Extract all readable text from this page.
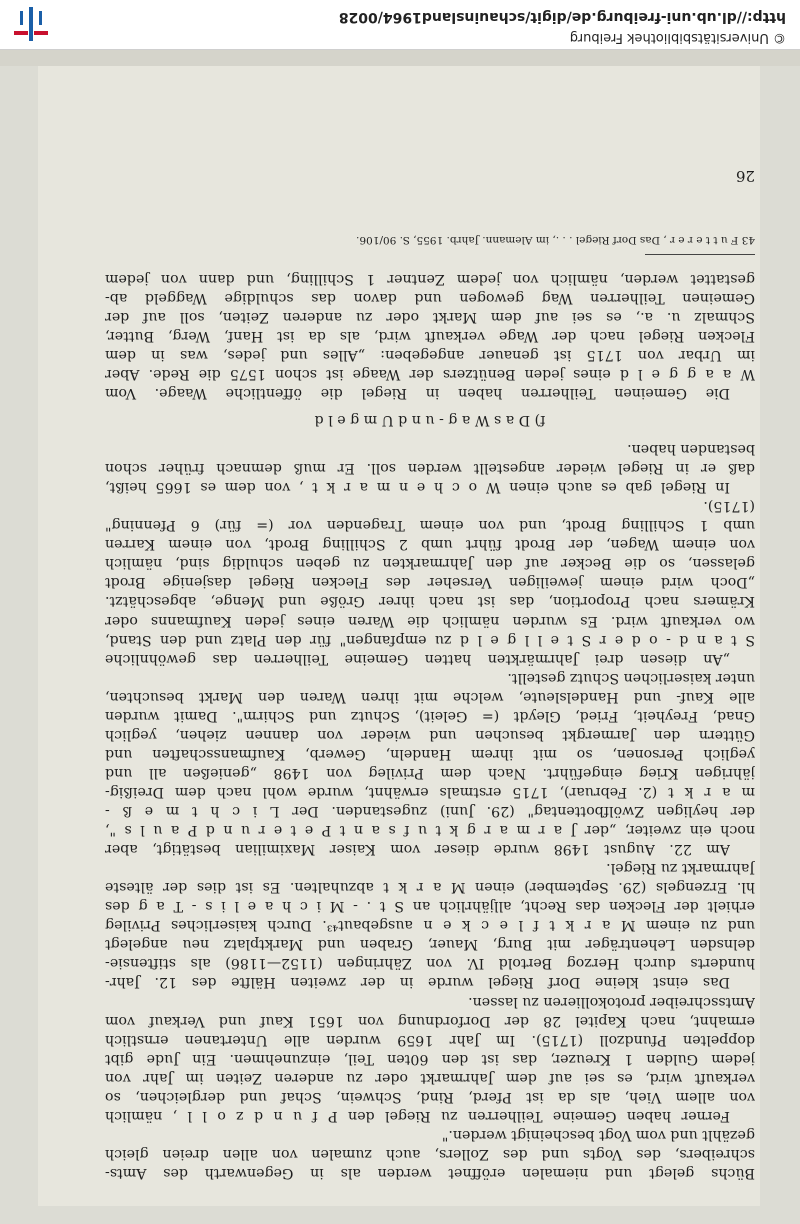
Büchs gelegt und niemalen eröffnet werden als in Gegenwarth des Amts-
schreibers, des Vogts und des Zollers, auch zumalen von allen dreien gleich
gezählt und vom Vogt bescheinigt werden."
Ferner haben Gemeine Teilherren zu Riegel den P f u n d z o l l , nämlich
von allem Vieh, als da ist Pferd, Rind, Schwein, Schaf und dergleichen, so
verkauft wird, es sei auf dem Jahrmarkt oder zu anderen Zeiten im Jahr von
jedem Gulden 1 Kreuzer, das ist den 60ten Teil, einzunehmen. Ein Jude gibt
doppelten Pfundzoll (1715). Im Jahr 1659 wurden alle Untertanen ernstlich
ermahnt, nach Kapitel 28 der Dorfordnung von 1651 Kauf und Verkauf vom
Amtsschreiber protokollieren zu lassen.
Das einst kleine Dorf Riegel wurde in der zweiten Hälfte des 12. Jahr-
hunderts durch Herzog Bertold IV. von Zähringen (1152—1186) als stiftensie-
delnsden Lehenträger mit Burg, Mauer, Graben und Marktplatz neu angelegt
und zu einem M a r k t f l e c k e n ausgebaut⁴³. Durch kaiserliches Privileg
erhielt der Flecken das Recht, alljährlich an S t . - M i c h a e l i s - T a g des
hl. Erzengels (29. September) einen M a r k t abzuhalten. Es ist dies der älteste
Jahrmarkt zu Riegel.
Am 22. August 1498 wurde dieser vom Kaiser Maximilian bestätigt, aber
noch ein zweiter, „der J a r m a r g k t u f s a n t P e t e r u n d P a u l s ",
der heyligen Zwölfbottentag" (29. Juni) zugestanden. Der L i c h t m e ß -
m a r k t (2. Februar), 1715 erstmals erwähnt, wurde wohl nach dem Dreißig-
jährigen Krieg eingeführt. Nach dem Privileg von 1498 „genießen all und
yeglich Personen, so mit ihrem Handeln, Gewerb, Kaufmansschaften und
Güttern den Jarmergkt besuchen und wieder von dannen ziehen, yeglich
Gnad, Freyheit, Fried, Gleydt (= Geleit), Schutz und Schirm". Damit wurden
alle Kauf- und Handelsleute, welche mit ihren Waren den Markt besuchten,
unter kaiserlichen Schutz gestellt.
„An diesen drei Jahrmärkten hatten Gemeine Teilherren das gewöhnliche
S t a n d - o d e r S t e l l g e l d zu empfangen" für den Platz und den Stand,
wo verkauft wird. Es wurden nämlich die Waren eines jeden Kaufmanns oder
Krämers nach Proportion, das ist nach ihrer Größe und Menge, abgeschätzt.
„Doch wird einem jeweiligen Verseher des Flecken Riegel dasjenige Brodt
gelassen, so die Becker auf den Jahrmarkten zu geben schuldig sind, nämlich
von einem Wagen, der Brodt führt umb 2 Schilling Brodt, von einem Karren
umb 1 Schilling Brodt, und von einem Tragenden vor (= für) 6 Pfenning"
(1715).
In Riegel gab es auch einen W o c h e n m a r k t , von dem es 1665 heißt,
daß er in Riegel wieder angestellt werden soll. Er muß demnach früher schon
bestanden haben.
f) D a s W a g - u n d U m g e l d
Die Gemeinen Teilherren haben in Riegel die öffentliche Waage. Vom
W a a g g e l d eines jeden Benützers der Waage ist schon 1575 die Rede. Aber
im Urbar von 1715 ist genauer angegeben: „Alles und jedes, was in dem
Flecken Riegel nach der Wage verkauft wird, als da ist Hanf, Werg, Butter,
Schmalz u. a., es sei auf dem Markt oder zu anderen Zeiten, soll auf der
Gemeinen Teilherren Wag gewogen und davon das schuldige Waggeld ab-
gestattet werden, nämlich von jedem Zentner 1 Schilling, und dann von jedem
43 F u t t e r e r , Das Dorf Riegel . . ., im Alemann. Jahrb. 1955, S. 90/106.
26
© Universitätsbibliothek Freiburg
http://dl.ub.uni-freiburg.de/digit/schauinsland1964/0028
